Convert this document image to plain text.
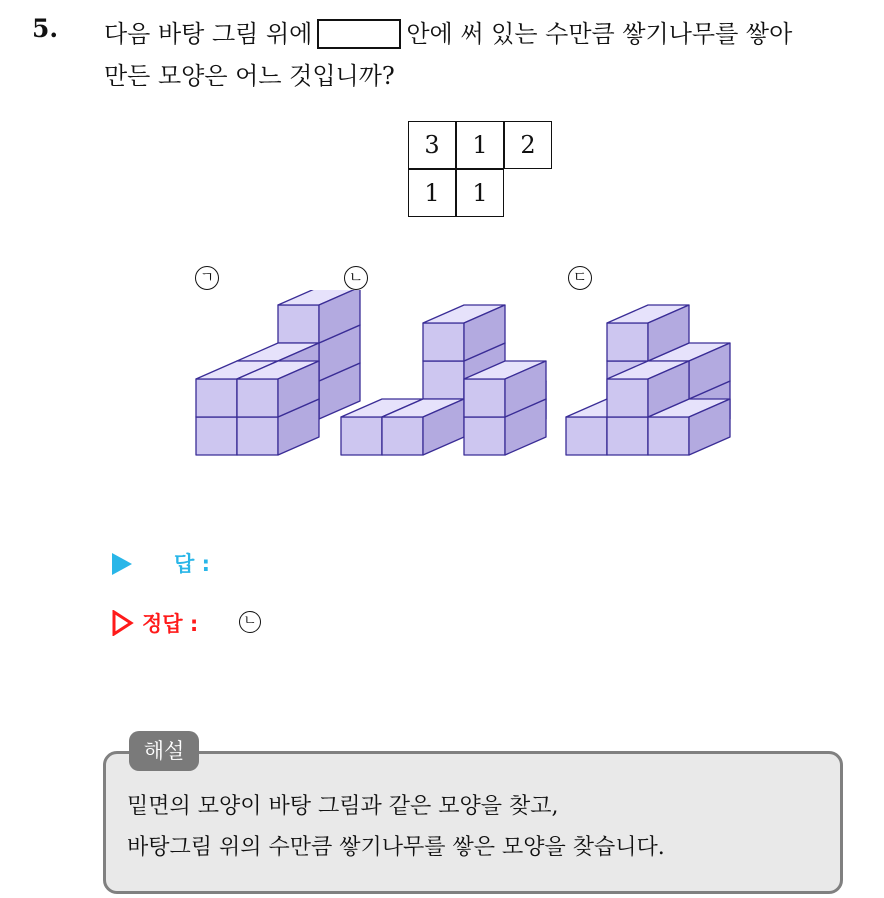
5. 다음 바탕 그림 위에	안에 써 있는 수만큼 쌓기나무를 쌓아
만든 모양은 어느 것입니까?
3	1	2
1	1
ㄱ	ㄴ	ㄷ
답 :
정답 :	ㄴ
해설
밑면의 모양이 바탕 그림과 같은 모양을 찾고,
바탕그림 위의 수만큼 쌓기나무를 쌓은 모양을 찾습니다.
